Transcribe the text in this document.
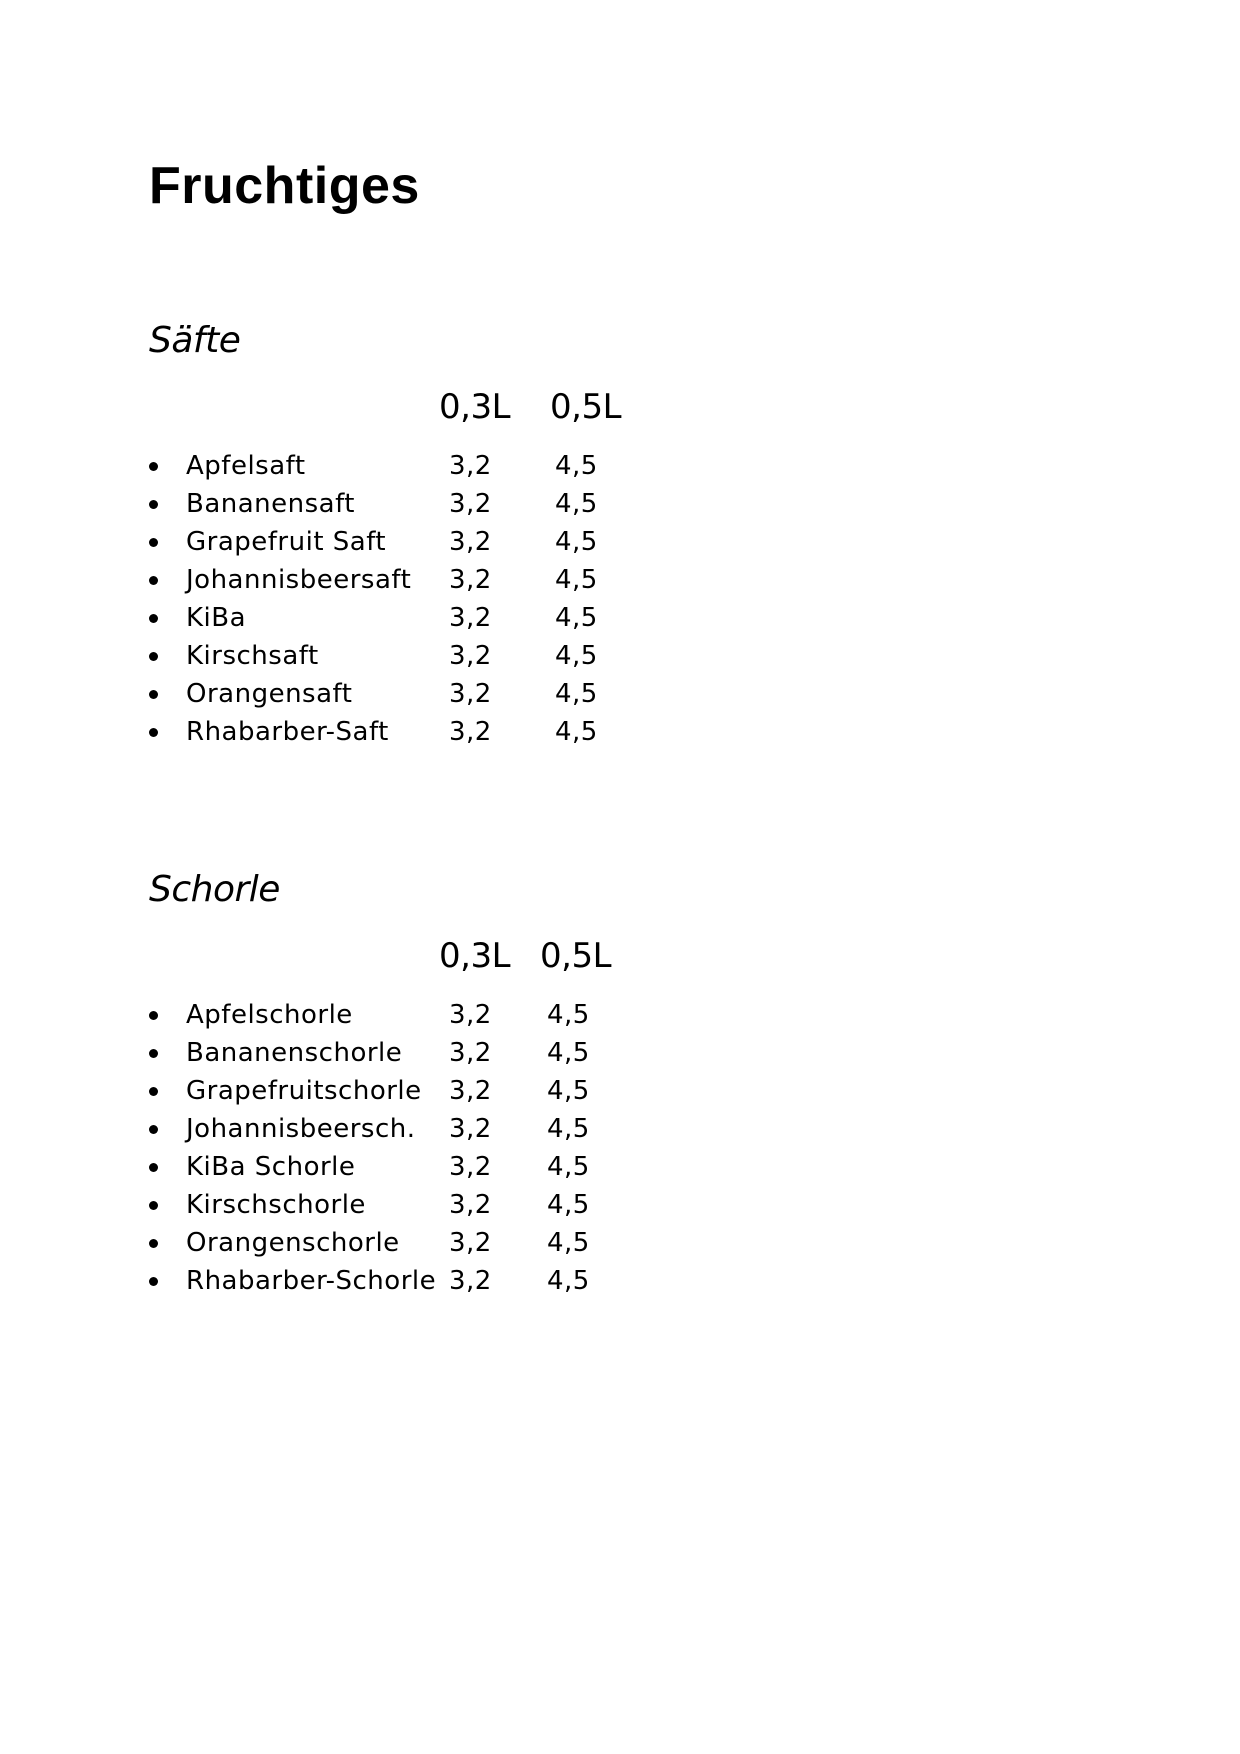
Fruchtiges
Säfte
0,3L 0,5L
Apfelsaft	3,2 4,5
Bananensaft	3,2 4,5
Grapefruit Saft 3,2 4,5
Johannisbeersaft 3,2 4,5
KiBa	3,2 4,5
Kirschsaft	3,2 4,5
Orangensaft	3,2 4,5
Rhabarber-Saft 3,2 4,5
Schorle
0,3L 0,5L
Apfelschorle	3,2 4,5
Bananenschorle 3,2 4,5
Grapefruitschorle 3,2 4,5
Johannisbeersch. 3,2 4,5
KiBa Schorle	3,2 4,5
Kirschschorle	3,2 4,5
Orangenschorle 3,2 4,5
Rhabarber-Schorle 3,2 4,5
